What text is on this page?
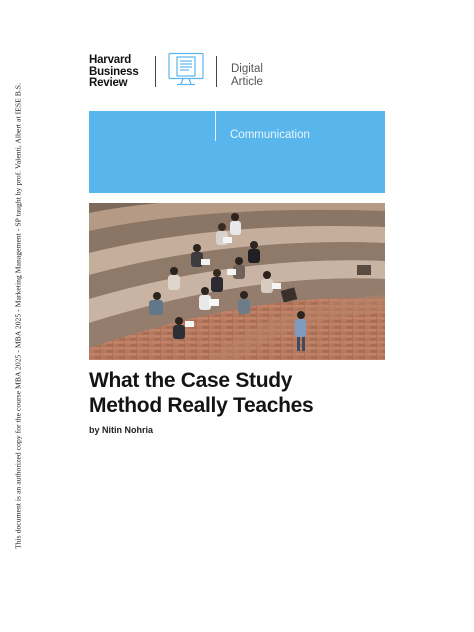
This document is an authorized copy for the course MBA 2025 - MBA 2025 - Marketing Management - SP taught by prof. Valenti, Albert at IESE B.S.
Harvard
Business
Review
Digital
Article
Communication
What the Case Study
Method Really Teaches
by Nitin Nohria
